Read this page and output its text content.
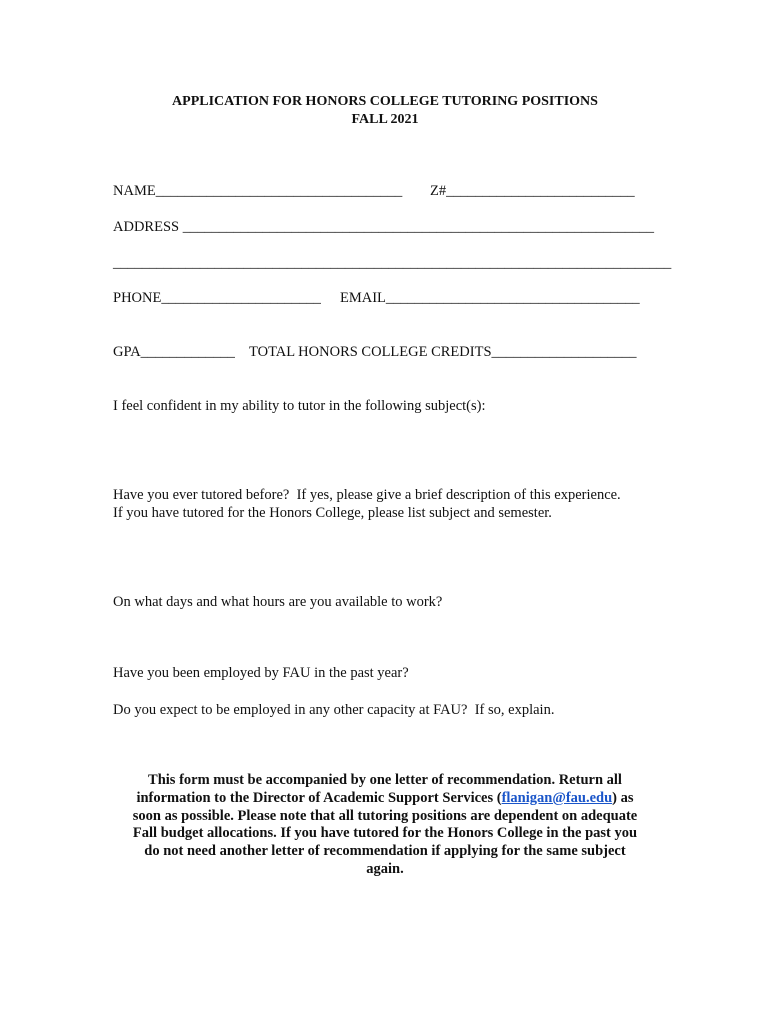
APPLICATION FOR HONORS COLLEGE TUTORING POSITIONS
FALL 2021
NAME__________________________________ Z#__________________________
ADDRESS _________________________________________________________________
_____________________________________________________________________________
PHONE______________________ EMAIL___________________________________
GPA_____________ TOTAL HONORS COLLEGE CREDITS____________________
I feel confident in my ability to tutor in the following subject(s):
Have you ever tutored before?  If yes, please give a brief description of this experience.
If you have tutored for the Honors College, please list subject and semester.
On what days and what hours are you available to work?
Have you been employed by FAU in the past year?
Do you expect to be employed in any other capacity at FAU?  If so, explain.
This form must be accompanied by one letter of recommendation. Return all
information to the Director of Academic Support Services (flanigan@fau.edu) as
soon as possible. Please note that all tutoring positions are dependent on adequate
Fall budget allocations. If you have tutored for the Honors College in the past you
do not need another letter of recommendation if applying for the same subject
again.
